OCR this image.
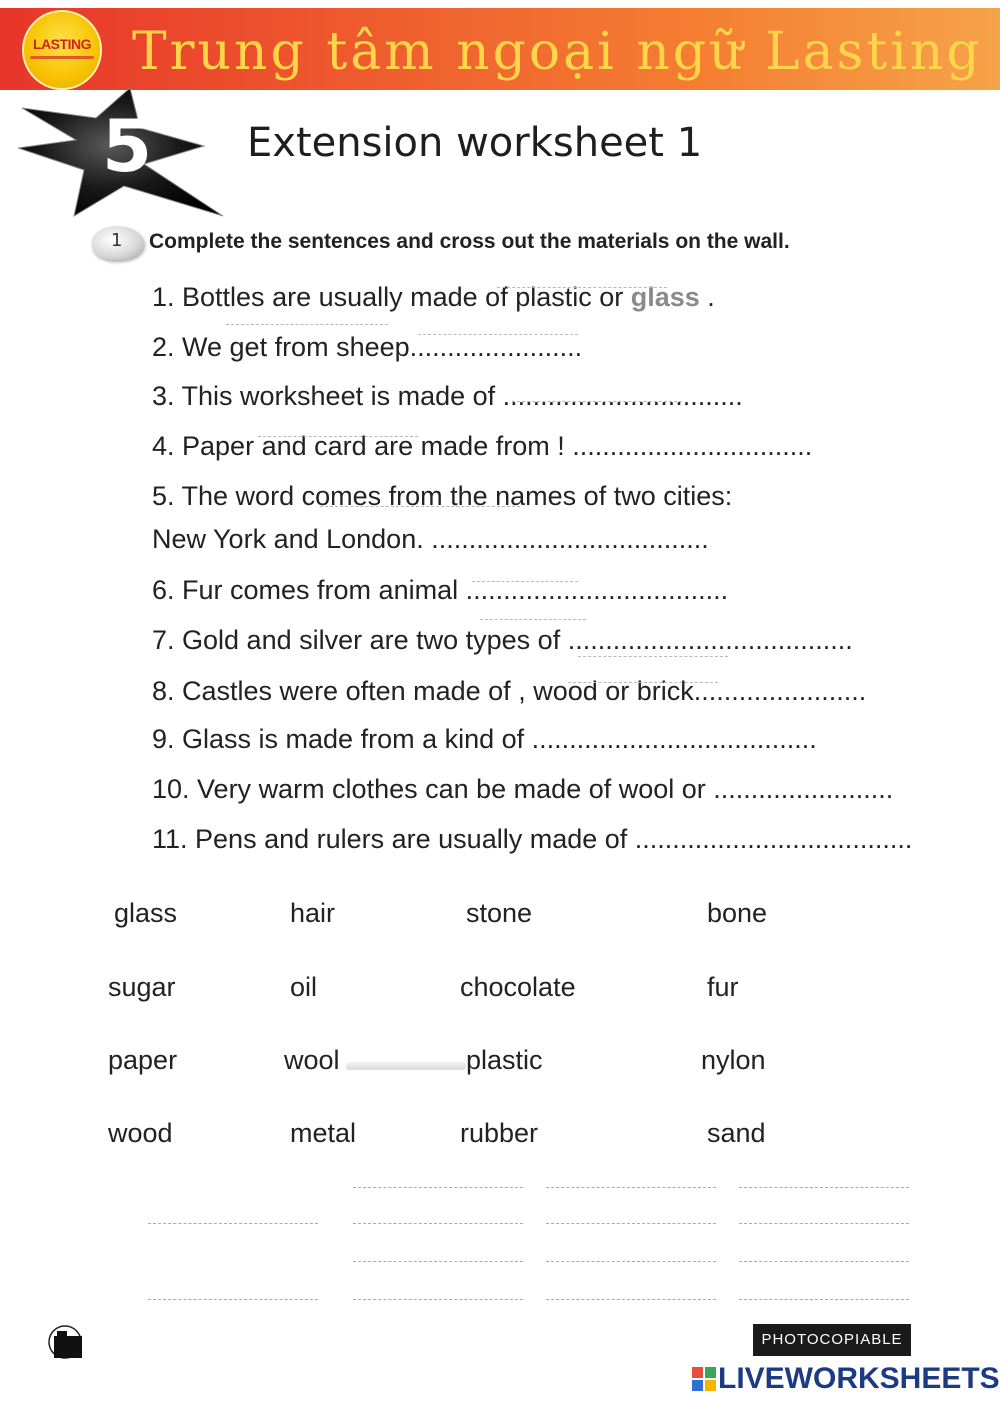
Trung tâm ngoại ngữ Lasting
LASTING
5 Extension worksheet 1
1 Complete the sentences and cross out the materials on the wall.
1. Bottles are usually made of plastic or glass .
2. We get from sheep.......................
3. This worksheet is made of ................................
4. Paper and card are made from ! ................................
5. The word comes from the names of two cities:
New York and London. .....................................
6. Fur comes from animal ...................................
7. Gold and silver are two types of ......................................
8. Castles were often made of , wood or brick.......................
9. Glass is made from a kind of ......................................
10. Very warm clothes can be made of wool or ........................
11. Pens and rulers are usually made of .....................................
glass	hair	stone	bone
sugar	oil	chocolate	fur
paper	wool	plastic	nylon
wood	metal	rubber	sand
PHOTOCOPIABLE
LIVEWORKSHEETS
